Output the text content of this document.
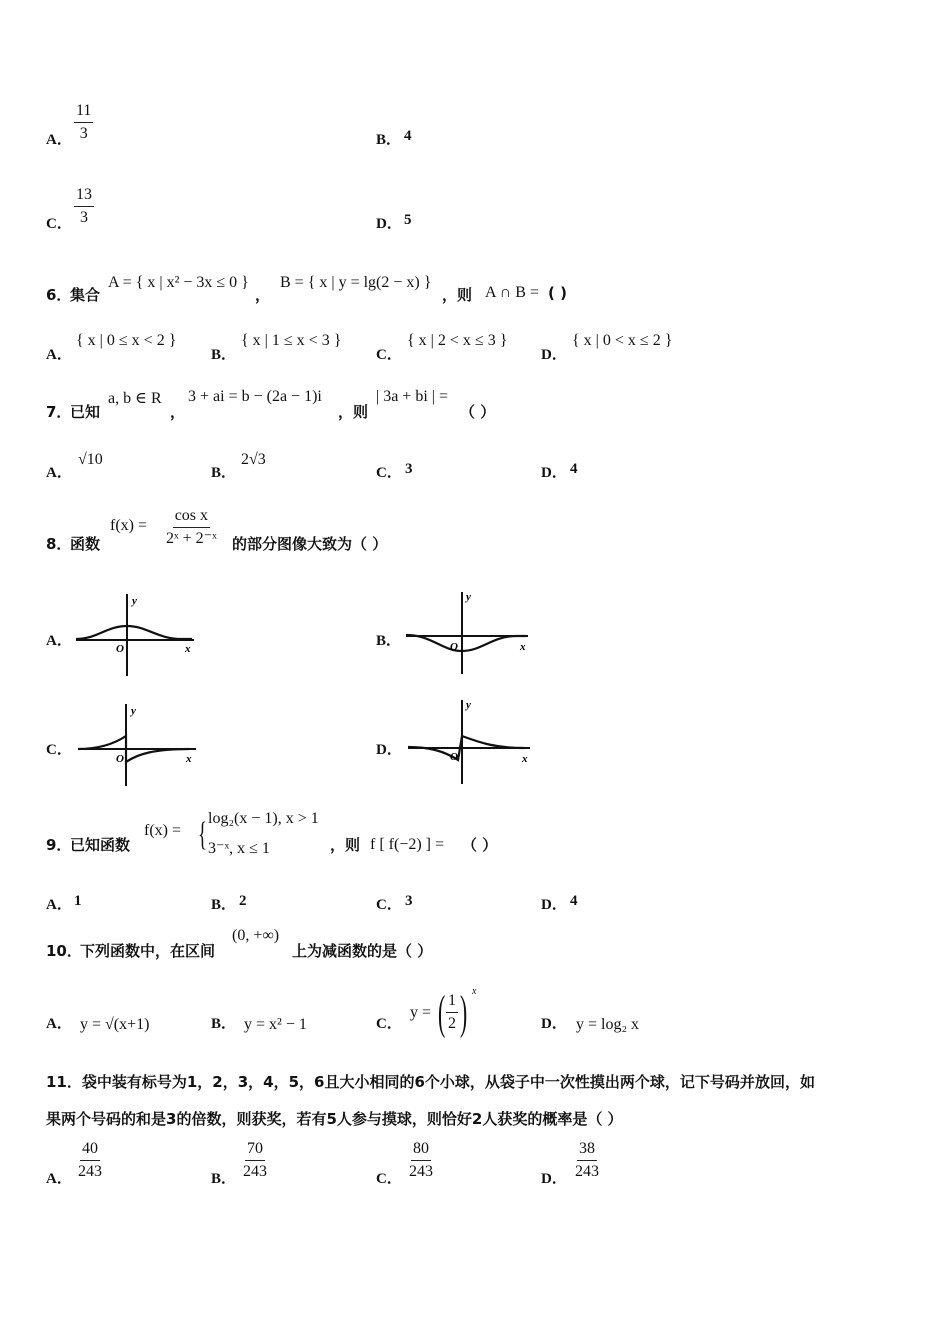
A． $\frac{11}{3}$	B． 4
C． $\frac{13}{3}$	D． 5
6．
集合
A = { x | x² − 3x ≤ 0 }
，
B = { x | y = lg(2 − x) }
，则 A ∩ B = ( )
A．
{ x | 0 ≤ x < 2 }
B．
{ x | 1 ≤ x < 3 }
C．
{ x | 2 < x ≤ 3 }
D．
{ x | 0 < x ≤ 2 }
7．
已知
a, b ∈ R
，
3 + ai = b − (2a − 1)i
，则
| 3a + bi | =
（ ）
A．
√10
B．
2√3
C． 3	D． 4
8．
函数
$f(x) = \frac{\text{cos x}}{\text{2ˣ + 2⁻ˣ}}$ 的部分图像大致为（ ）
A．
y
x
O	B．
y
x
O
C．
y
x
O
D．
y
x
O
9．
已知函数
f(x) = { log₂(x − 1), x > 1
3⁻ˣ, x ≤ 1	，则 f [ f(−2) ] = （ ）
A． 1	B． 2	C． 3	D． 4
10．
下列函数中，在区间
(0, +∞)
上为减函数的是（ ）
A． y = √(x+1)	B． y = x² − 1	C．
y = ( $\frac{1}{2}$ ) x
D． y = log₂ x
11．袋中装有标号为1，2，3，4，5，6且大小相同的6个小球，从袋子中一次性摸出两个球，记下号码并放回，如
果两个号码的和是3的倍数，则获奖，若有5人参与摸球，则恰好2人获奖的概率是（ ）
A． $\frac{40}{243}$	B． $\frac{70}{243}$	C． $\frac{80}{243}$	D． $\frac{38}{243}$
